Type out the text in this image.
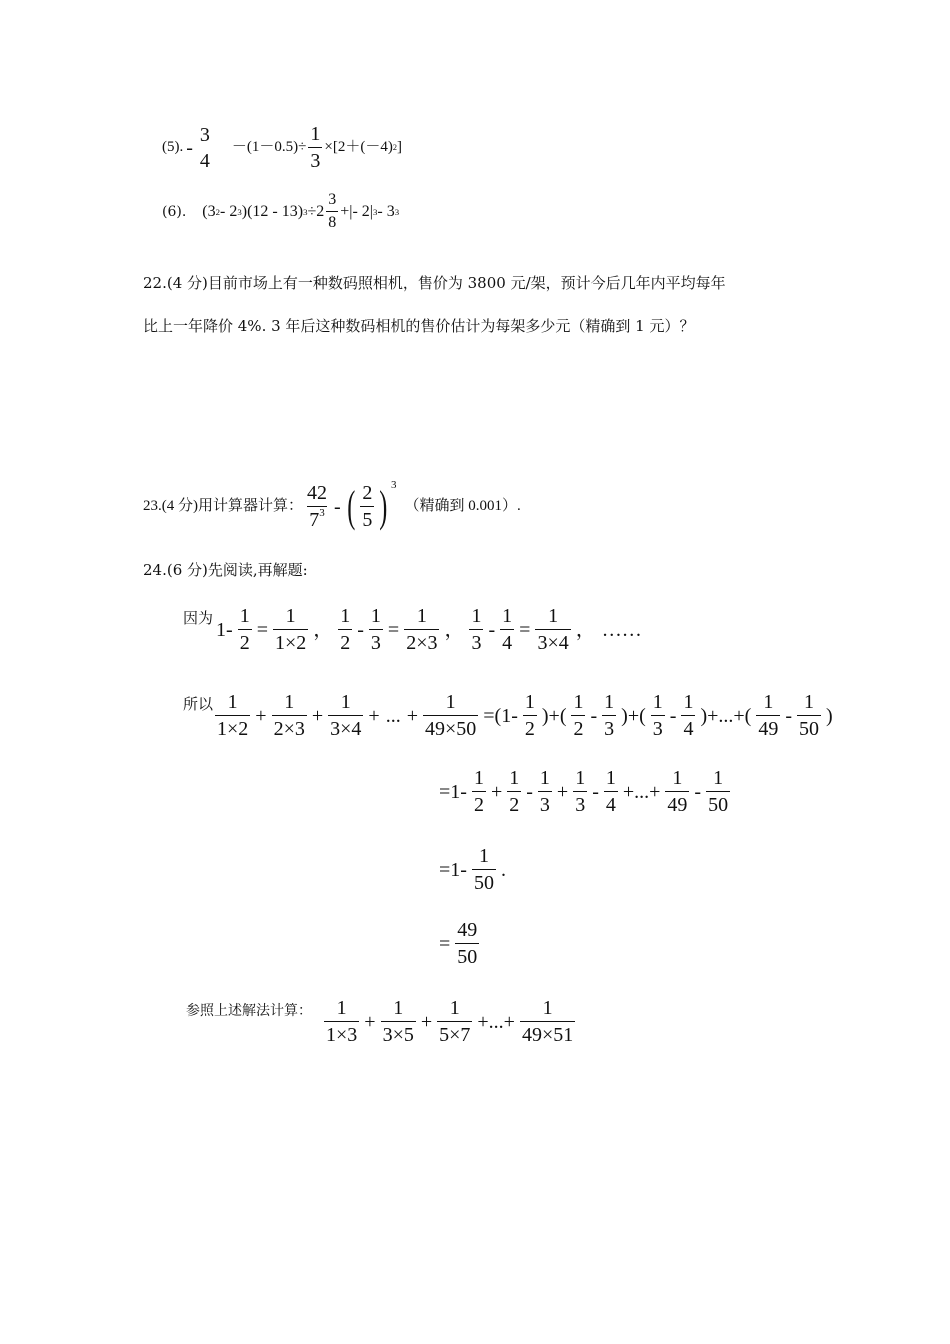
(5). -
3
4
$-(1-0.5)\div \frac{1}{3} \times[2+(-4)$ 2 ]
(6). (3 2 - 2 3 )(12 - 13) $3 \div 2 \frac{3}{8}$ +|- 2| 3 - 3 3
22.(4 分)目前市场上有一种数码照相机，售价为 3800 元/架，预计今后几年内平均每年
比上一年降价 4%. 3 年后这种数码相机的售价估计为每架多少元（精确到 1 元）？
23.(4 分)用计算器计算： $\frac{42}{7^3}$ - ( $\frac{2}{5}$ ) 3
（精确到 0.001）.
24.(6 分)先阅读,再解题:
因为 $1- \frac{1}{2} = \frac{1}{1\times 2}$ ， $\frac{1}{2} - \frac{1}{3} = \frac{1}{2\times 3}$ ， $\frac{1}{3} - \frac{1}{4} = \frac{1}{3\times 4}$ ， ……
所以 $\frac{1}{1\times 2} + \frac{1}{2\times 3} + \frac{1}{3\times 4}$ + ... + $\frac{1}{49\times 50} =(1- \frac{1}{2}$ )+( $\frac{1}{2} - \frac{1}{3}$ )+( $\frac{1}{3} - \frac{1}{4}$ )+...+( $\frac{1}{49} - \frac{1}{50}$ )
$=1- \frac{1}{2} + \frac{1}{2} - \frac{1}{3} + \frac{1}{3} - \frac{1}{4}$ +...+ $\frac{1}{49} - \frac{1}{50}$
$=1- \frac{1}{50}$ .
= $\frac{49}{50}$
参照上述解法计算： $\frac{1}{1\times 3} + \frac{1}{3\times 5} + \frac{1}{5\times 7}$ +...+ $\frac{1}{49\times 51}$
